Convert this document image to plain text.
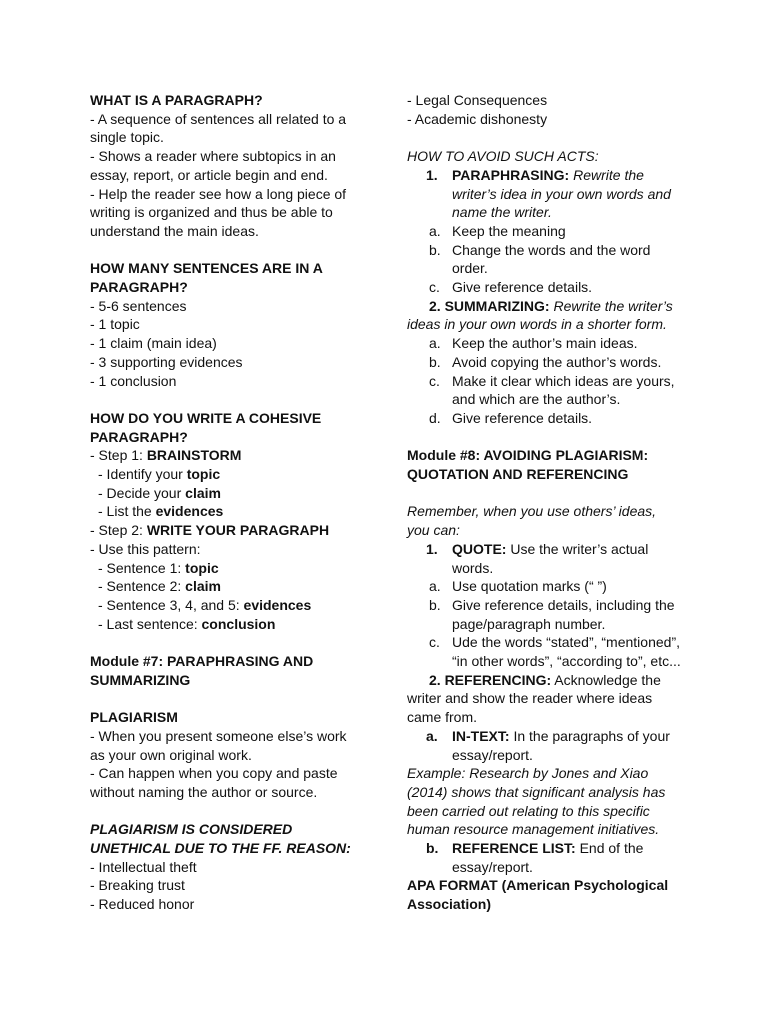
WHAT IS A PARAGRAPH?

- A sequence of sentences all related to a single topic.

- Shows a reader where subtopics in an essay, report, or article begin and end.

- Help the reader see how a long piece of writing is organized and thus be able to understand the main ideas.

HOW MANY SENTENCES ARE IN A PARAGRAPH?

- 5-6 sentences

- 1 topic

- 1 claim (main idea)

- 3 supporting evidences

- 1 conclusion

HOW DO YOU WRITE A COHESIVE PARAGRAPH?

- Step 1: BRAINSTORM

- Identify your topic

- Decide your claim

- List the evidences

- Step 2: WRITE YOUR PARAGRAPH

- Use this pattern:

- Sentence 1: topic

- Sentence 2: claim

- Sentence 3, 4, and 5: evidences

- Last sentence: conclusion

Module #7: PARAPHRASING AND SUMMARIZING

PLAGIARISM

- When you present someone else’s work as your own original work.

- Can happen when you copy and paste without naming the author or source.

PLAGIARISM IS CONSIDERED UNETHICAL DUE TO THE FF. REASON:

- Intellectual theft

- Breaking trust

- Reduced honor

- Legal Consequences

- Academic dishonesty

HOW TO AVOID SUCH ACTS:

1. PARAPHRASING: Rewrite the writer’s idea in your own words and name the writer.
a. Keep the meaning
b. Change the words and the word order.
c. Give reference details.

2. SUMMARIZING: Rewrite the writer’s ideas in your own words in a shorter form.

a. Keep the author’s main ideas.
b. Avoid copying the author’s words.
c. Make it clear which ideas are yours, and which are the author’s.
d. Give reference details.

Module #8: AVOIDING PLAGIARISM: QUOTATION AND REFERENCING

Remember, when you use others’ ideas, you can:

1. QUOTE: Use the writer’s actual words.
a. Use quotation marks (“ ”)
b. Give reference details, including the page/paragraph number.
c. Ude the words “stated”, “mentioned”, “in other words”, “according to”, etc...

2. REFERENCING: Acknowledge the writer and show the reader where ideas came from.

a. IN-TEXT: In the paragraphs of your essay/report.

Example: Research by Jones and Xiao (2014) shows that significant analysis has been carried out relating to this specific human resource management initiatives.

b. REFERENCE LIST: End of the essay/report.

APA FORMAT (American Psychological Association)
